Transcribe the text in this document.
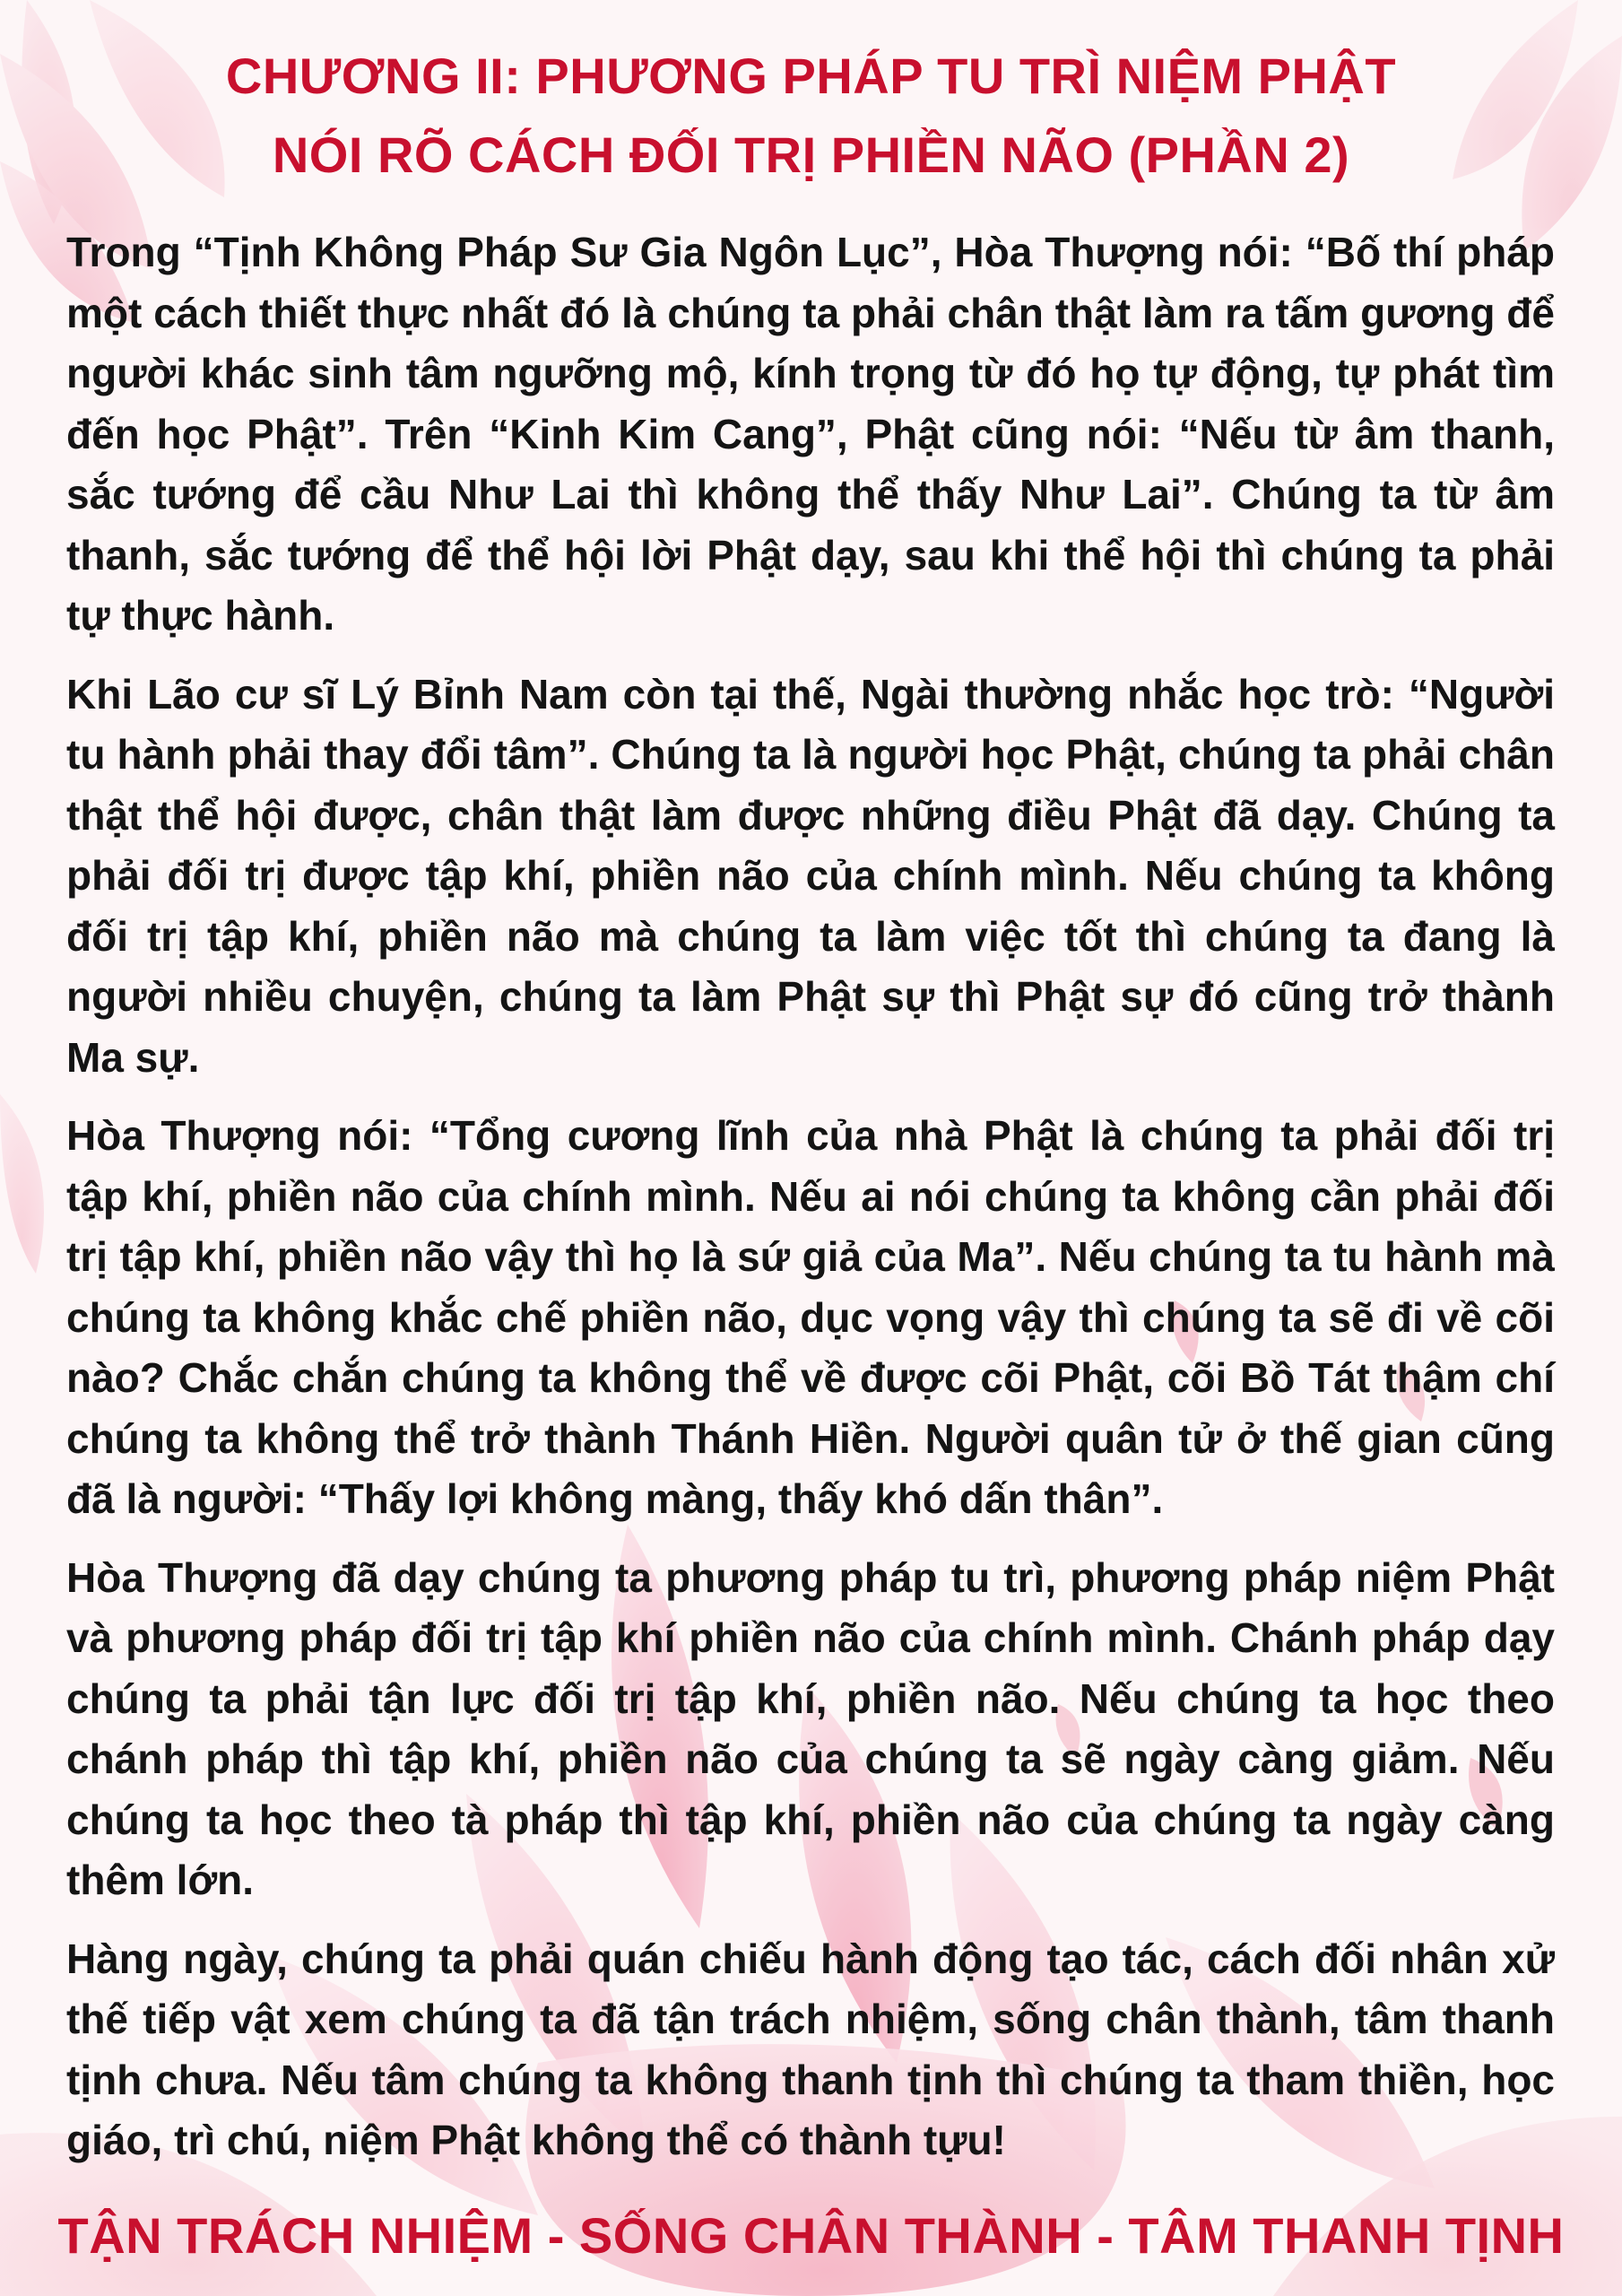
CHƯƠNG II: PHƯƠNG PHÁP TU TRÌ NIỆM PHẬT
NÓI RÕ CÁCH ĐỐI TRỊ PHIỀN NÃO (PHẦN 2)

Trong “Tịnh Không Pháp Sư Gia Ngôn Lục”, Hòa Thượng nói: “Bố thí pháp một cách thiết thực nhất đó là chúng ta phải chân thật làm ra tấm gương để người khác sinh tâm ngưỡng mộ, kính trọng từ đó họ tự động, tự phát tìm đến học Phật”. Trên “Kinh Kim Cang”, Phật cũng nói: “Nếu từ âm thanh, sắc tướng để cầu Như Lai thì không thể thấy Như Lai”. Chúng ta từ âm thanh, sắc tướng để thể hội lời Phật dạy, sau khi thể hội thì chúng ta phải tự thực hành.

Khi Lão cư sĩ Lý Bỉnh Nam còn tại thế, Ngài thường nhắc học trò: “Người tu hành phải thay đổi tâm”. Chúng ta là người học Phật, chúng ta phải chân thật thể hội được, chân thật làm được những điều Phật đã dạy. Chúng ta phải đối trị được tập khí, phiền não của chính mình. Nếu chúng ta không đối trị tập khí, phiền não mà chúng ta làm việc tốt thì chúng ta đang là người nhiều chuyện, chúng ta làm Phật sự thì Phật sự đó cũng trở thành Ma sự.

Hòa Thượng nói: “Tổng cương lĩnh của nhà Phật là chúng ta phải đối trị tập khí, phiền não của chính mình. Nếu ai nói chúng ta không cần phải đối trị tập khí, phiền não vậy thì họ là sứ giả của Ma”. Nếu chúng ta tu hành mà chúng ta không khắc chế phiền não, dục vọng vậy thì chúng ta sẽ đi về cõi nào? Chắc chắn chúng ta không thể về được cõi Phật, cõi Bồ Tát thậm chí chúng ta không thể trở thành Thánh Hiền. Người quân tử ở thế gian cũng đã là người: “Thấy lợi không màng, thấy khó dấn thân”.

Hòa Thượng đã dạy chúng ta phương pháp tu trì, phương pháp niệm Phật và phương pháp đối trị tập khí phiền não của chính mình. Chánh pháp dạy chúng ta phải tận lực đối trị tập khí, phiền não. Nếu chúng ta học theo chánh pháp thì tập khí, phiền não của chúng ta sẽ ngày càng giảm. Nếu chúng ta học theo tà pháp thì tập khí, phiền não của chúng ta ngày càng thêm lớn.

Hàng ngày, chúng ta phải quán chiếu hành động tạo tác, cách đối nhân xử thế tiếp vật xem chúng ta đã tận trách nhiệm, sống chân thành, tâm thanh tịnh chưa. Nếu tâm chúng ta không thanh tịnh thì chúng ta tham thiền, học giáo, trì chú, niệm Phật không thể có thành tựu!

TẬN TRÁCH NHIỆM - SỐNG CHÂN THÀNH - TÂM THANH TỊNH
